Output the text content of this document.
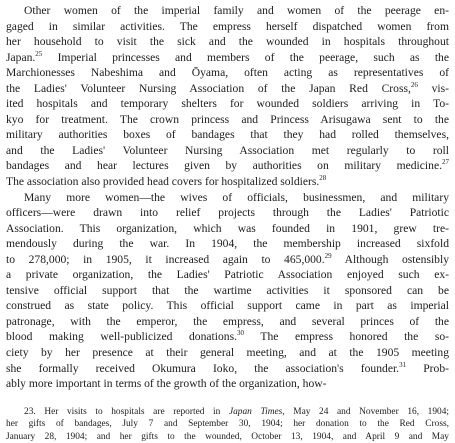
Other women of the imperial family and women of the peerage en-
gaged in similar activities. The empress herself dispatched women from
her household to visit the sick and the wounded in hospitals throughout
Japan.$^{25}$ Imperial princesses and members of the peerage, such as the
Marchionesses Nabeshima and Ōyama, often acting as representatives of
the Ladies' Volunteer Nursing Association of the Japan Red Cross,$^{26}$ vis-
ited hospitals and temporary shelters for wounded soldiers arriving in To-
kyo for treatment. The crown princess and Princess Arisugawa sent to the
military authorities boxes of bandages that they had rolled themselves,
and the Ladies' Volunteer Nursing Association met regularly to roll
bandages and hear lectures given by authorities on military medicine.$^{27}$
The association also provided head covers for hospitalized soldiers.$^{28}$

Many more women—the wives of officials, businessmen, and military
officers—were drawn into relief projects through the Ladies' Patriotic
Association. This organization, which was founded in 1901, grew tre-
mendously during the war. In 1904, the membership increased sixfold
to 278,000; in 1905, it increased again to 465,000.29 Although ostensibly
a private organization, the Ladies' Patriotic Association enjoyed such ex-
tensive official support that the wartime activities it sponsored can be
construed as state policy. This official support came in part as imperial
patronage, with the emperor, the empress, and several princes of the
blood making well-publicized donations.$^{30}$ The empress honored the so-
ciety by her presence at their general meeting, and at the 1905 meeting
she formally received Okumura Ioko, the association's founder.$^{31}$ Prob-
ably more important in terms of the growth of the organization, how-

23. Her visits to hospitals are reported in Japan Times, May 24 and November 16, 1904;
her gifts of bandages, July 7 and September 30, 1904; her donation to the Red Cross,
January 28, 1904; and her gifts to the wounded, October 13, 1904, and April 9 and May
